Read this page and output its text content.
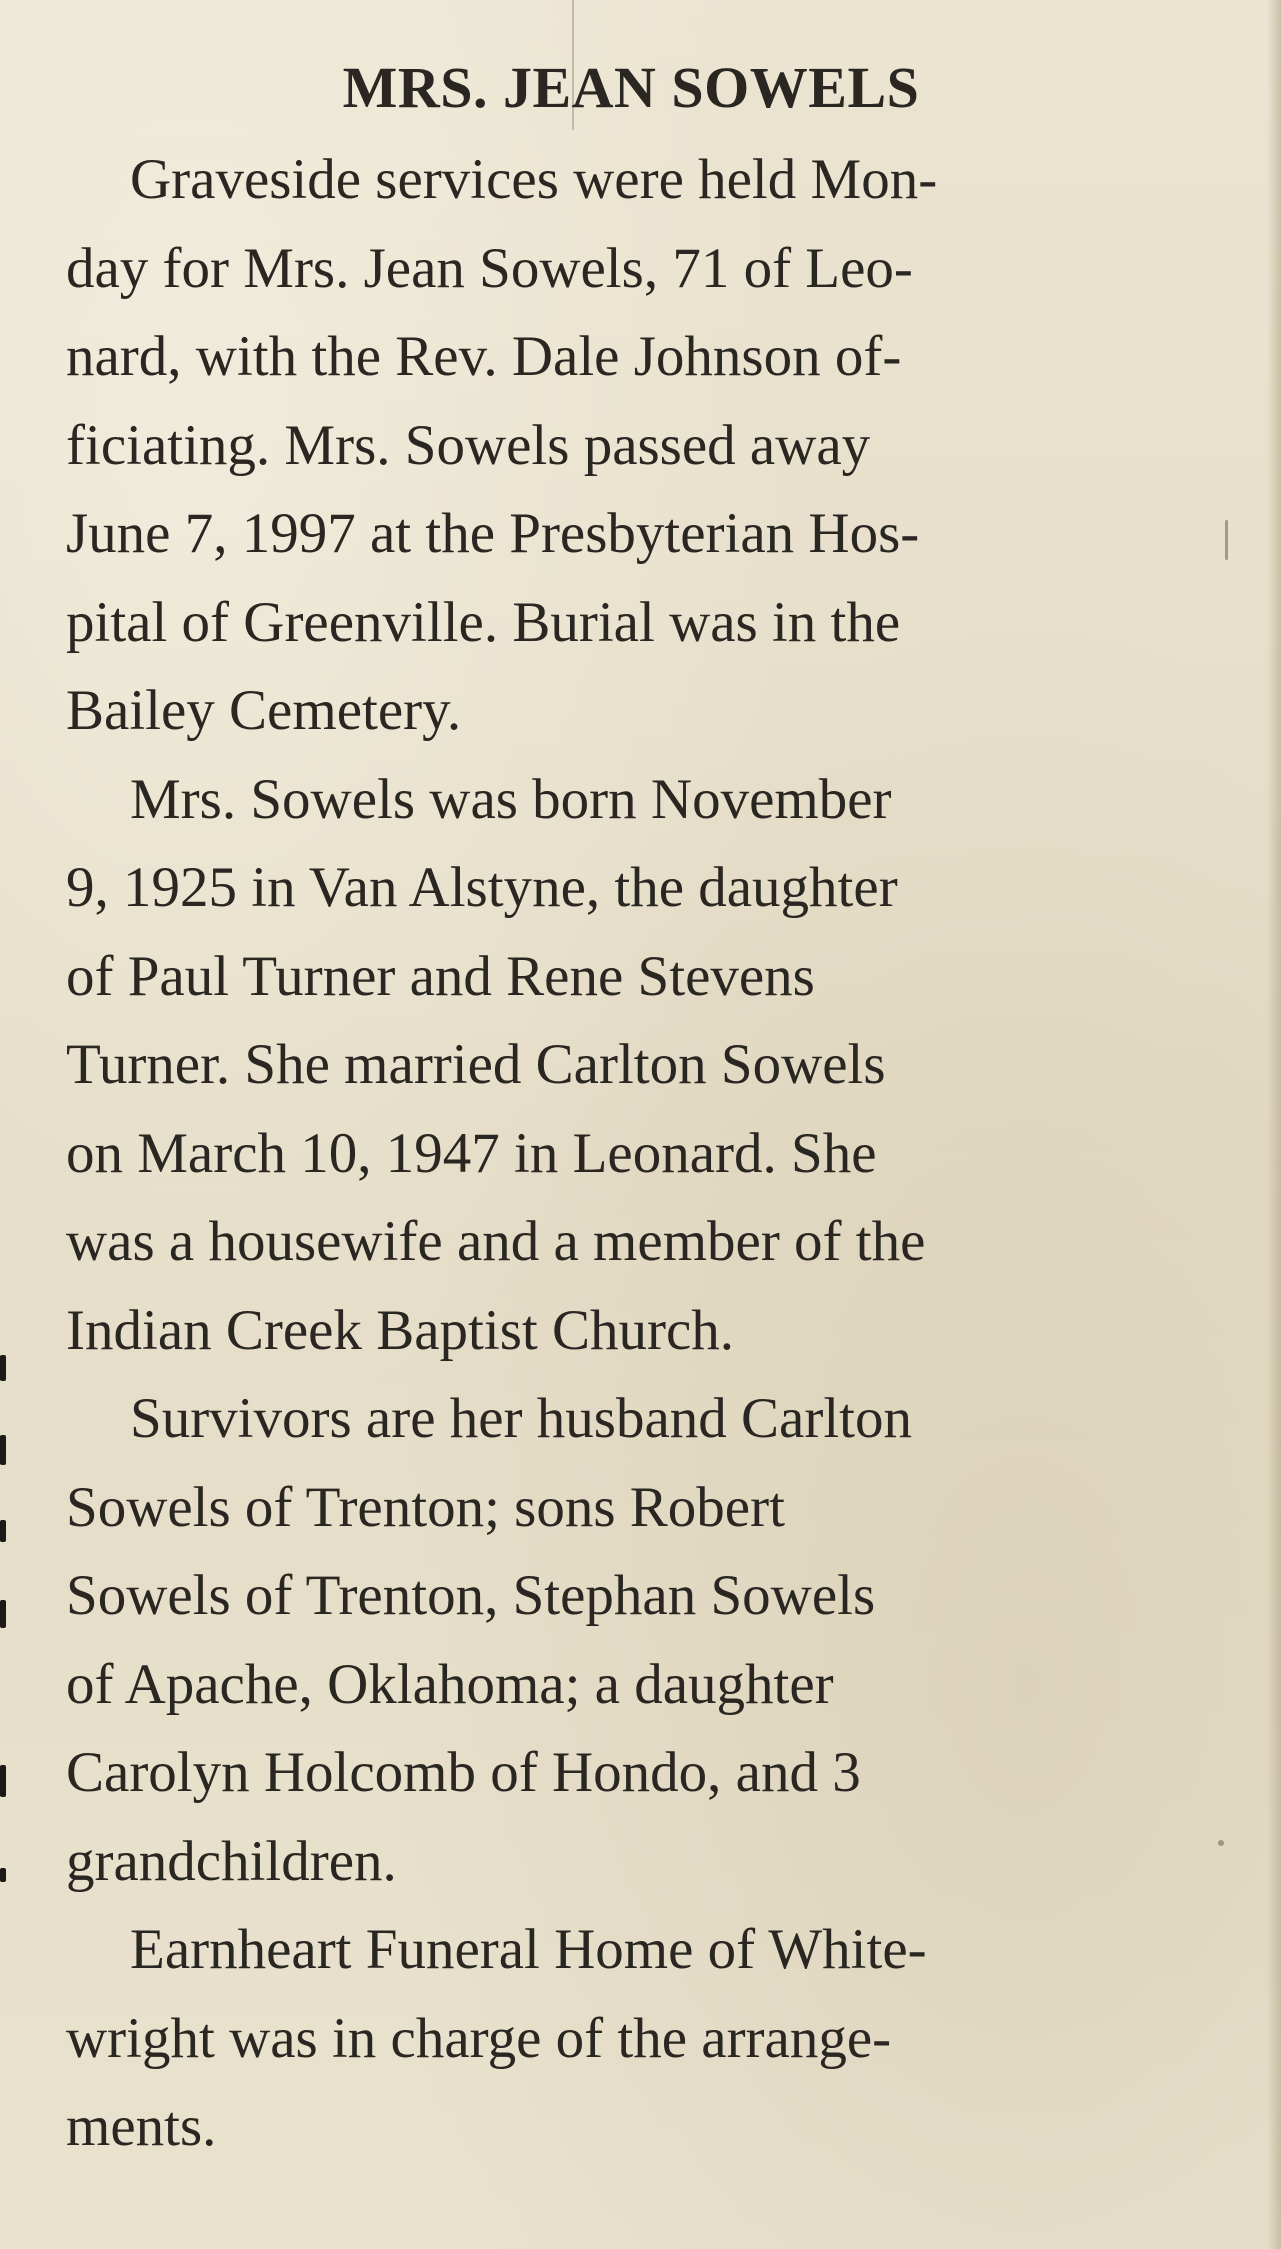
MRS. JEAN SOWELS

Graveside services were held Mon-

day for Mrs. Jean Sowels, 71 of Leo-

nard, with the Rev. Dale Johnson of-

ficiating. Mrs. Sowels passed away

June 7, 1997 at the Presbyterian Hos-

pital of Greenville. Burial was in the

Bailey Cemetery.

Mrs. Sowels was born November

9, 1925 in Van Alstyne, the daughter

of Paul Turner and Rene Stevens

Turner. She married Carlton Sowels

on March 10, 1947 in Leonard. She

was a housewife and a member of the

Indian Creek Baptist Church.

Survivors are her husband Carlton

Sowels of Trenton; sons Robert

Sowels of Trenton, Stephan Sowels

of Apache, Oklahoma; a daughter

Carolyn Holcomb of Hondo, and 3

grandchildren.

Earnheart Funeral Home of White-

wright was in charge of the arrange-

ments.
